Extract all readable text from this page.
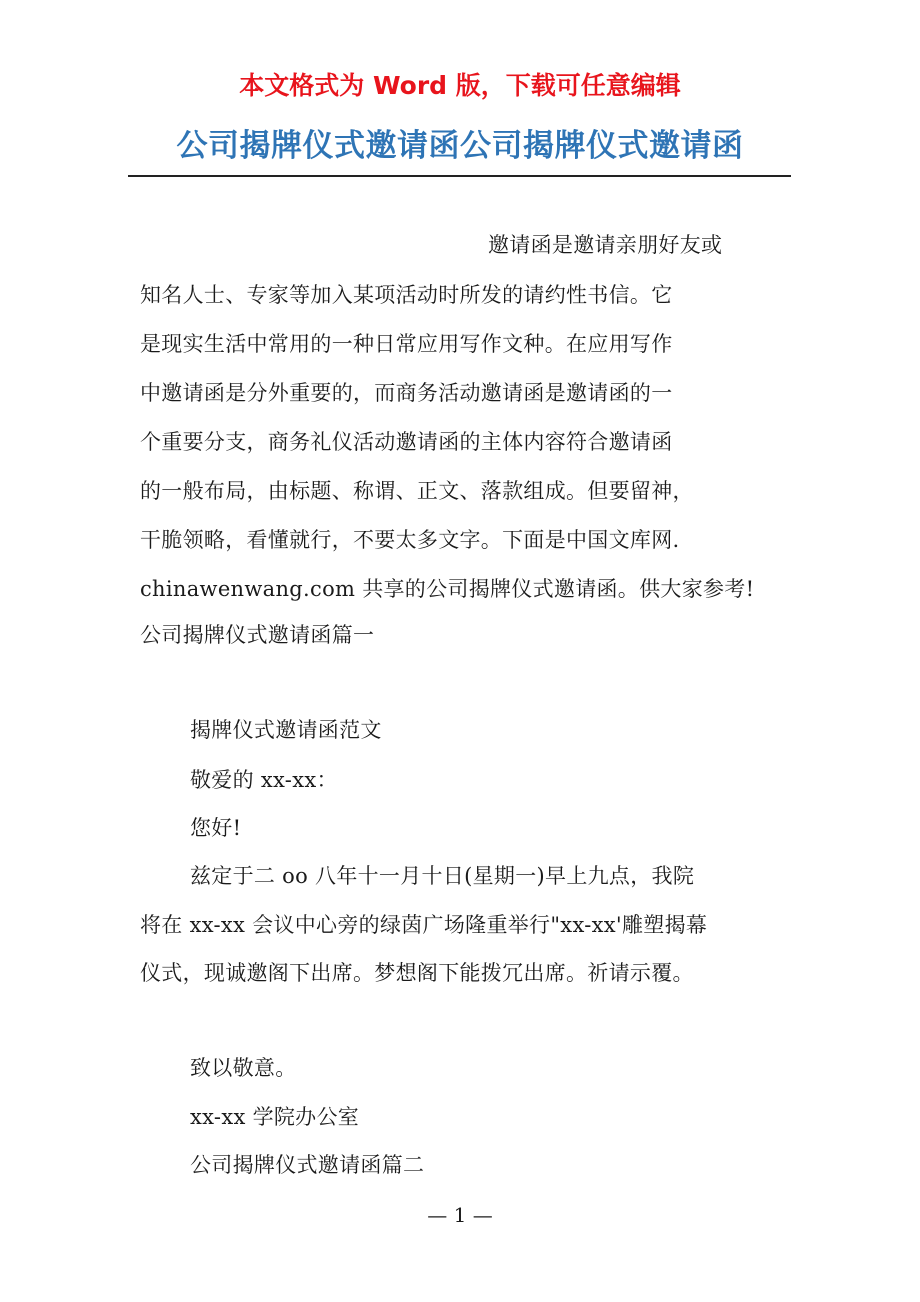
本文格式为 Word 版，下载可任意编辑
公司揭牌仪式邀请函公司揭牌仪式邀请函
邀请函是邀请亲朋好友或
知名人士、专家等加入某项活动时所发的请约性书信。它
是现实生活中常用的一种日常应用写作文种。在应用写作
中邀请函是分外重要的，而商务活动邀请函是邀请函的一
个重要分支，商务礼仪活动邀请函的主体内容符合邀请函
的一般布局，由标题、称谓、正文、落款组成。但要留神，
干脆领略，看懂就行，不要太多文字。下面是中国文库网.
chinawenwang.com 共享的公司揭牌仪式邀请函。供大家参考!
公司揭牌仪式邀请函篇一
揭牌仪式邀请函范文
敬爱的 xx-xx：
您好!
兹定于二 oo 八年十一月十日(星期一)早上九点，我院
将在 xx-xx 会议中心旁的绿茵广场隆重举行"xx-xx'雕塑揭幕
仪式，现诚邀阁下出席。梦想阁下能拨冗出席。祈请示覆。
致以敬意。
xx-xx 学院办公室
公司揭牌仪式邀请函篇二
— 1 —
